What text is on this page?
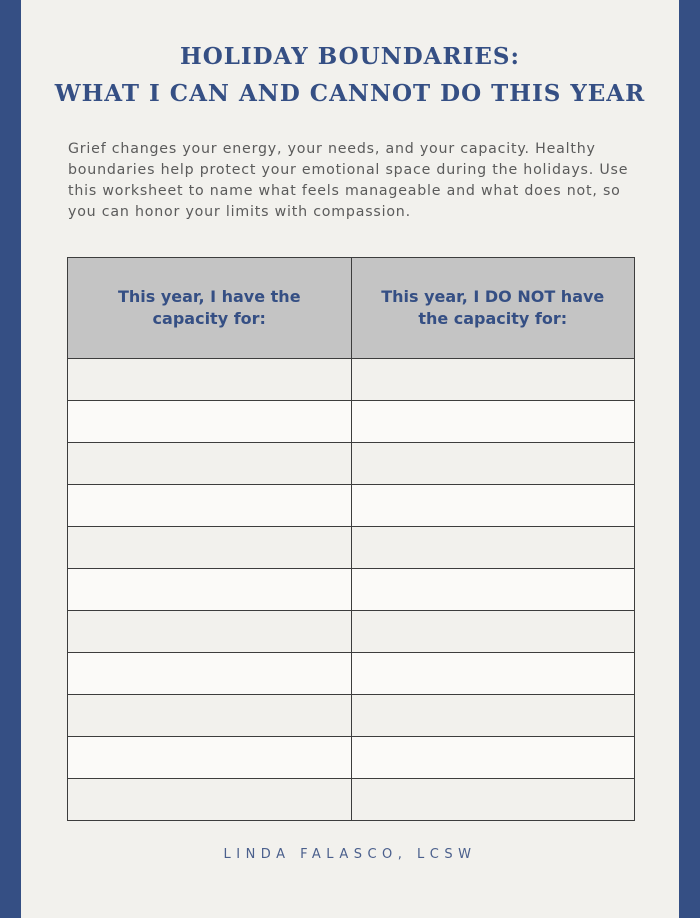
HOLIDAY BOUNDARIES:
WHAT I CAN AND CANNOT DO THIS YEAR

Grief changes your energy, your needs, and your capacity. Healthy boundaries help protect your emotional space during the holidays. Use this worksheet to name what feels manageable and what does not, so you can honor your limits with compassion.

This year, I have the capacity for:	This year, I DO NOT have the capacity for:

LINDA FALASCO, LCSW
